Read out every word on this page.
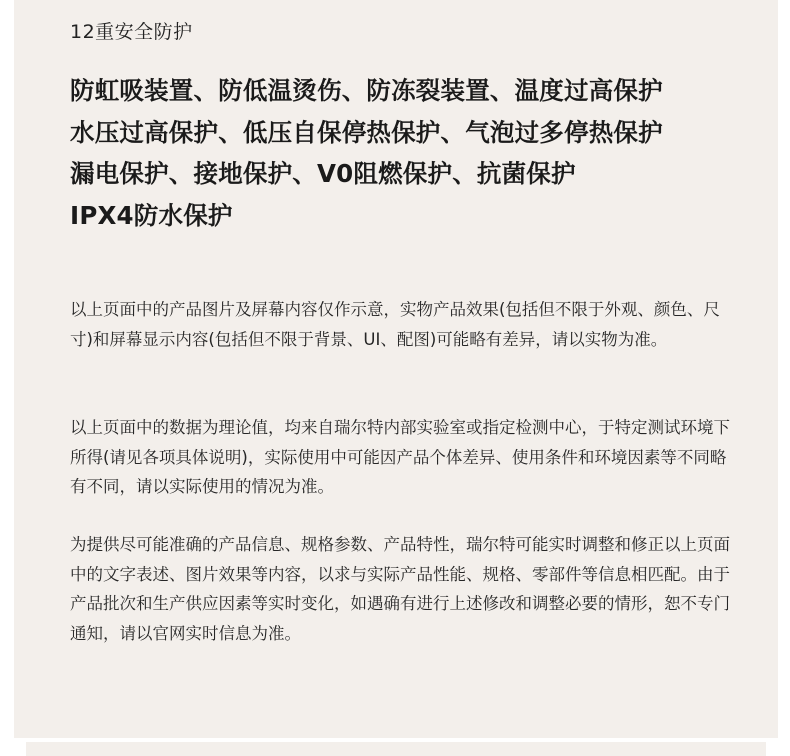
12重安全防护
防虹吸装置、防低温烫伤、防冻裂装置、温度过高保护
水压过高保护、低压自保停热保护、气泡过多停热保护
漏电保护、接地保护、V0阻燃保护、抗菌保护
IPX4防水保护

以上页面中的产品图片及屏幕内容仅作示意，实物产品效果(包括但不限于外观、颜色、尺寸)和屏幕显示内容(包括但不限于背景、UI、配图)可能略有差异，请以实物为准。

以上页面中的数据为理论值，均来自瑞尔特内部实验室或指定检测中心，于特定测试环境下所得(请见各项具体说明)，实际使用中可能因产品个体差异、使用条件和环境因素等不同略有不同，请以实际使用的情况为准。

为提供尽可能准确的产品信息、规格参数、产品特性，瑞尔特可能实时调整和修正以上页面中的文字表述、图片效果等内容，以求与实际产品性能、规格、零部件等信息相匹配。由于产品批次和生产供应因素等实时变化，如遇确有进行上述修改和调整必要的情形，恕不专门通知，请以官网实时信息为准。
